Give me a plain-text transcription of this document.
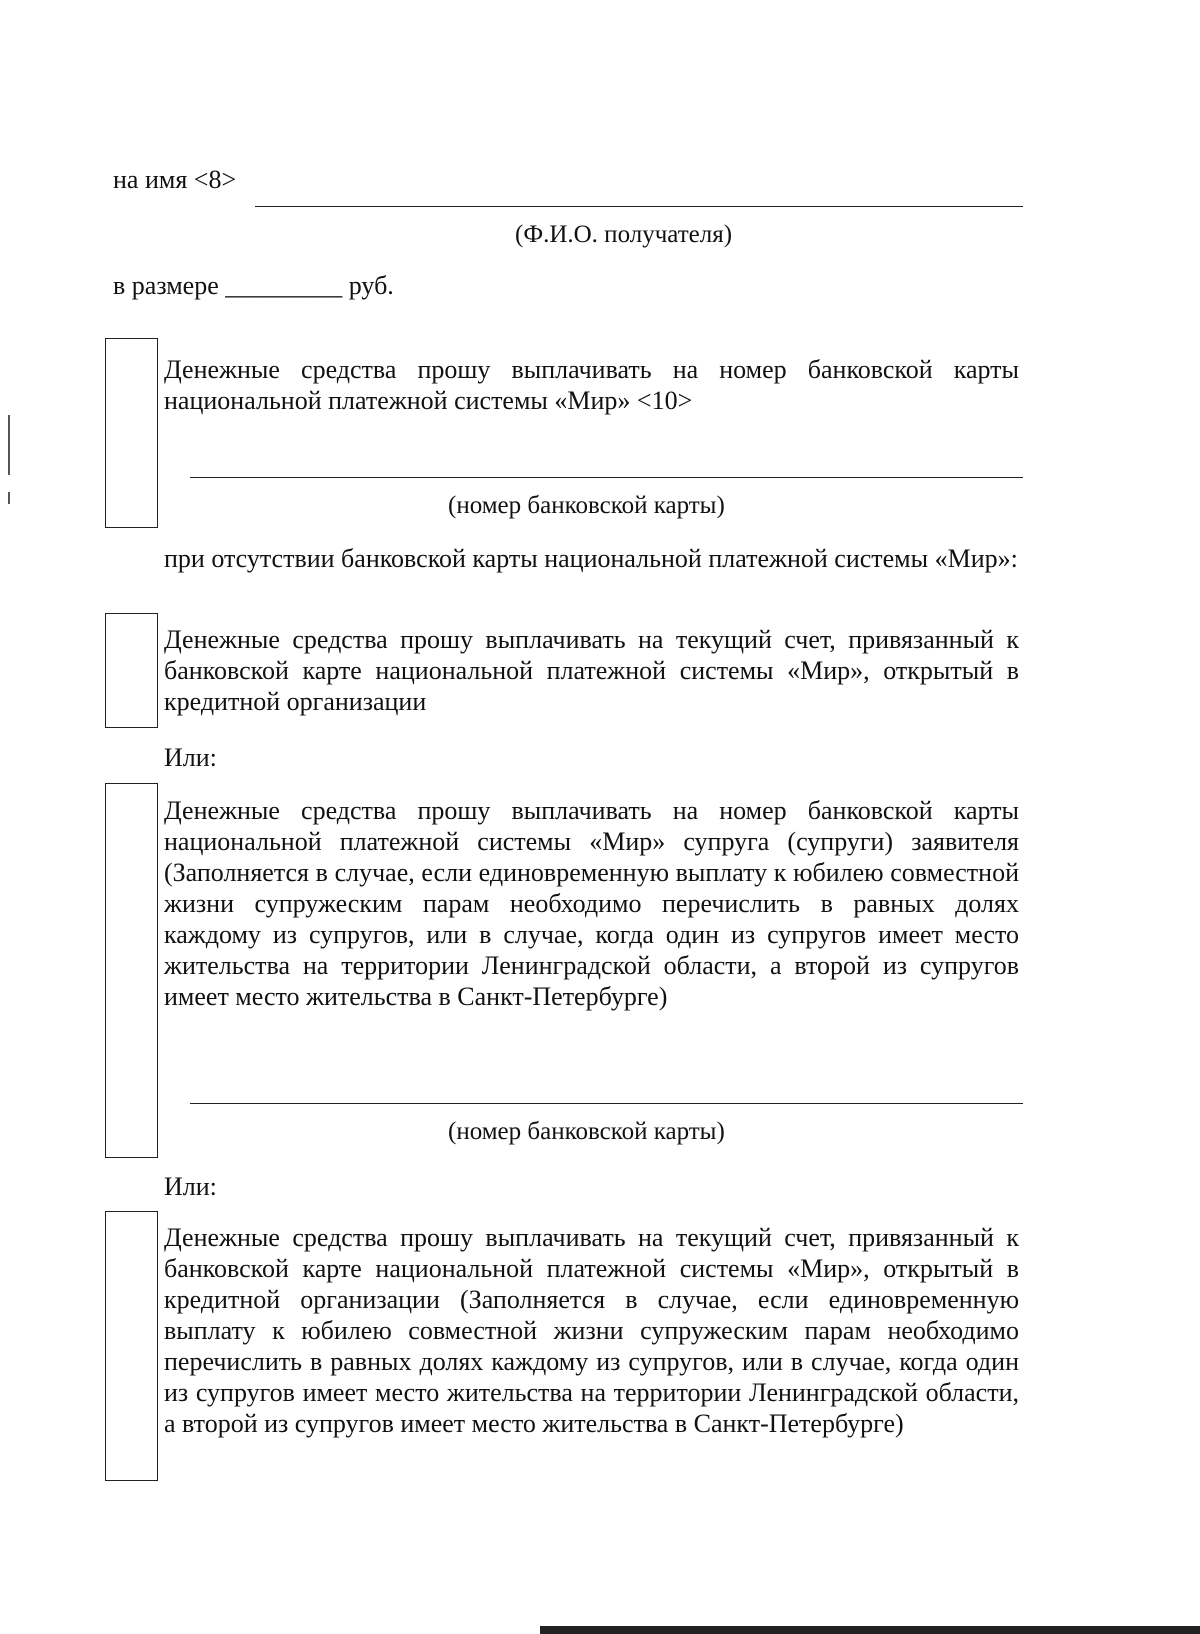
на имя <8>
(Ф.И.О. получателя)
в размере _________ руб.
Денежные средства прошу выплачивать на номер банковской карты национальной платежной системы «Мир» <10>
(номер банковской карты)
при отсутствии банковской карты национальной платежной системы «Мир»:
Денежные средства прошу выплачивать на текущий счет, привязанный к банковской карте национальной платежной системы «Мир», открытый в кредитной организации
Или:
Денежные средства прошу выплачивать на номер банковской карты национальной платежной системы «Мир» супруга (супруги) заявителя (Заполняется в случае, если единовременную выплату к юбилею совместной жизни супружеским парам необходимо перечислить в равных долях каждому из супругов, или в случае, когда один из супругов имеет место жительства на территории Ленинградской области, а второй из супругов имеет место жительства в Санкт-Петербурге)
(номер банковской карты)
Или:
Денежные средства прошу выплачивать на текущий счет, привязанный к банковской карте национальной платежной системы «Мир», открытый в кредитной организации (Заполняется в случае, если единовременную выплату к юбилею совместной жизни супружеским парам необходимо перечислить в равных долях каждому из супругов, или в случае, когда один из супругов имеет место жительства на территории Ленинградской области, а второй из супругов имеет место жительства в Санкт-Петербурге)
